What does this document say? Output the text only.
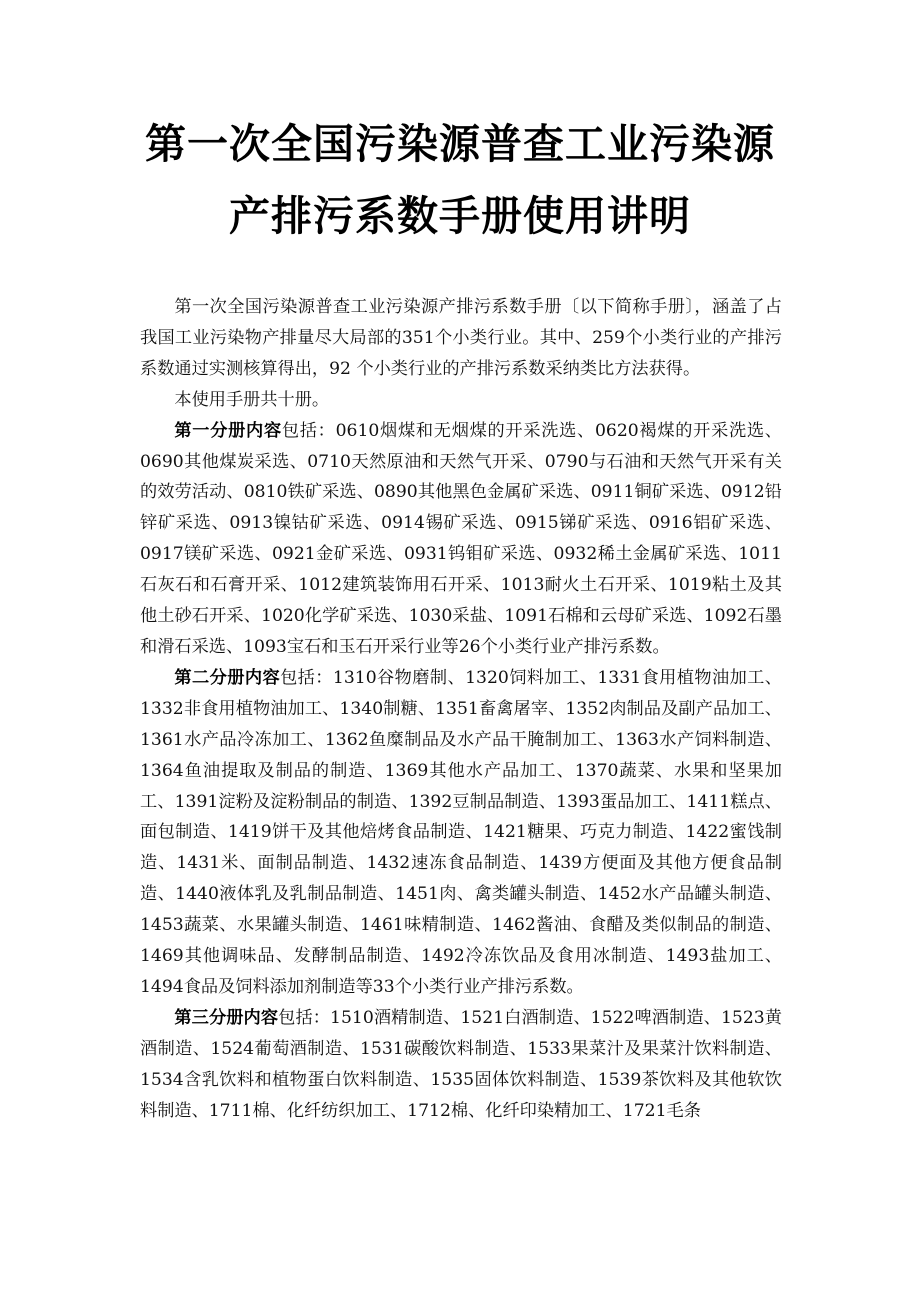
第一次全国污染源普查工业污染源
产排污系数手册使用讲明

第一次全国污染源普查工业污染源产排污系数手册〔以下简称手册〕，涵盖了占我国工业污染物产排量尽大局部的351个小类行业。其中、259个小类行业的产排污系数通过实测核算得出，92 个小类行业的产排污系数采纳类比方法获得。

本使用手册共十册。

第一分册内容包括：0610烟煤和无烟煤的开采洗选、0620褐煤的开采洗选、0690其他煤炭采选、0710天然原油和天然气开采、0790与石油和天然气开采有关的效劳活动、0810铁矿采选、0890其他黑色金属矿采选、0911铜矿采选、0912铅锌矿采选、0913镍钴矿采选、0914锡矿采选、0915锑矿采选、0916铝矿采选、0917镁矿采选、0921金矿采选、0931钨钼矿采选、0932稀土金属矿采选、1011石灰石和石膏开采、1012建筑装饰用石开采、1013耐火土石开采、1019粘土及其他土砂石开采、1020化学矿采选、1030采盐、1091石棉和云母矿采选、1092石墨和滑石采选、1093宝石和玉石开采行业等26个小类行业产排污系数。

第二分册内容包括：1310谷物磨制、1320饲料加工、1331食用植物油加工、1332非食用植物油加工、1340制糖、1351畜禽屠宰、1352肉制品及副产品加工、1361水产品冷冻加工、1362鱼糜制品及水产品干腌制加工、1363水产饲料制造、1364鱼油提取及制品的制造、1369其他水产品加工、1370蔬菜、水果和坚果加工、1391淀粉及淀粉制品的制造、1392豆制品制造、1393蛋品加工、1411糕点、面包制造、1419饼干及其他焙烤食品制造、1421糖果、巧克力制造、1422蜜饯制造、1431米、面制品制造、1432速冻食品制造、1439方便面及其他方便食品制造、1440液体乳及乳制品制造、1451肉、禽类罐头制造、1452水产品罐头制造、1453蔬菜、水果罐头制造、1461味精制造、1462酱油、食醋及类似制品的制造、1469其他调味品、发酵制品制造、1492冷冻饮品及食用冰制造、1493盐加工、1494食品及饲料添加剂制造等33个小类行业产排污系数。

第三分册内容包括：1510酒精制造、1521白酒制造、1522啤酒制造、1523黄酒制造、1524葡萄酒制造、1531碳酸饮料制造、1533果菜汁及果菜汁饮料制造、1534含乳饮料和植物蛋白饮料制造、1535固体饮料制造、1539茶饮料及其他软饮料制造、1711棉、化纤纺织加工、1712棉、化纤印染精加工、1721毛条
